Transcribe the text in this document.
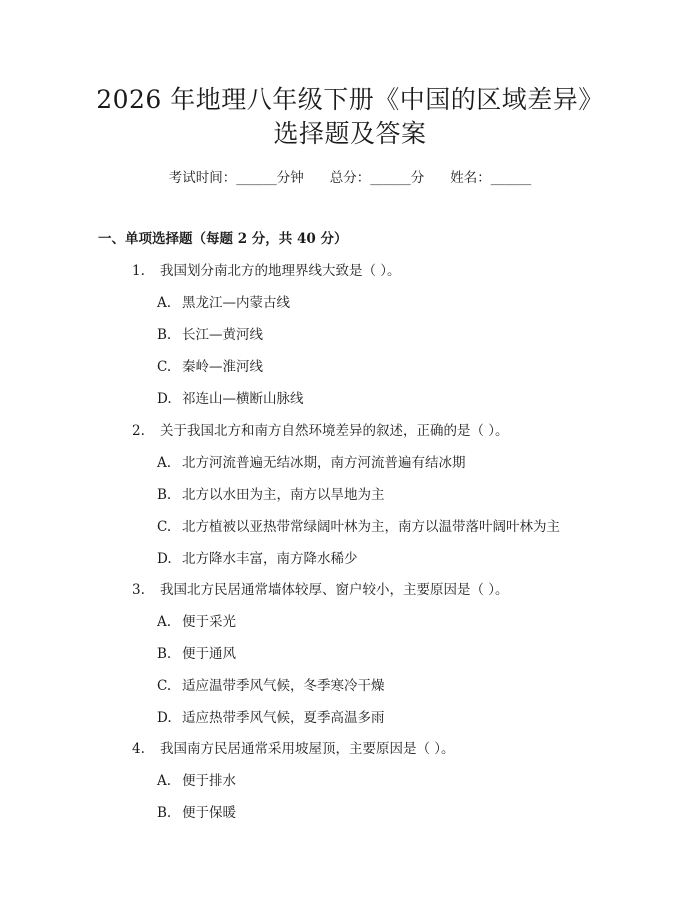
2026 年地理八年级下册《中国的区域差异》
选择题及答案
考试时间：______分钟 总分：______分 姓名：______
一、单项选择题（每题 2 分，共 40 分）
1. 我国划分南北方的地理界线大致是（ ）。
A. 黑龙江—内蒙古线
B. 长江—黄河线
C. 秦岭—淮河线
D. 祁连山—横断山脉线
2. 关于我国北方和南方自然环境差异的叙述，正确的是（ ）。
A. 北方河流普遍无结冰期，南方河流普遍有结冰期
B. 北方以水田为主，南方以旱地为主
C. 北方植被以亚热带常绿阔叶林为主，南方以温带落叶阔叶林为主
D. 北方降水丰富，南方降水稀少
3. 我国北方民居通常墙体较厚、窗户较小，主要原因是（ ）。
A. 便于采光
B. 便于通风
C. 适应温带季风气候，冬季寒冷干燥
D. 适应热带季风气候，夏季高温多雨
4. 我国南方民居通常采用坡屋顶，主要原因是（ ）。
A. 便于排水
B. 便于保暖
